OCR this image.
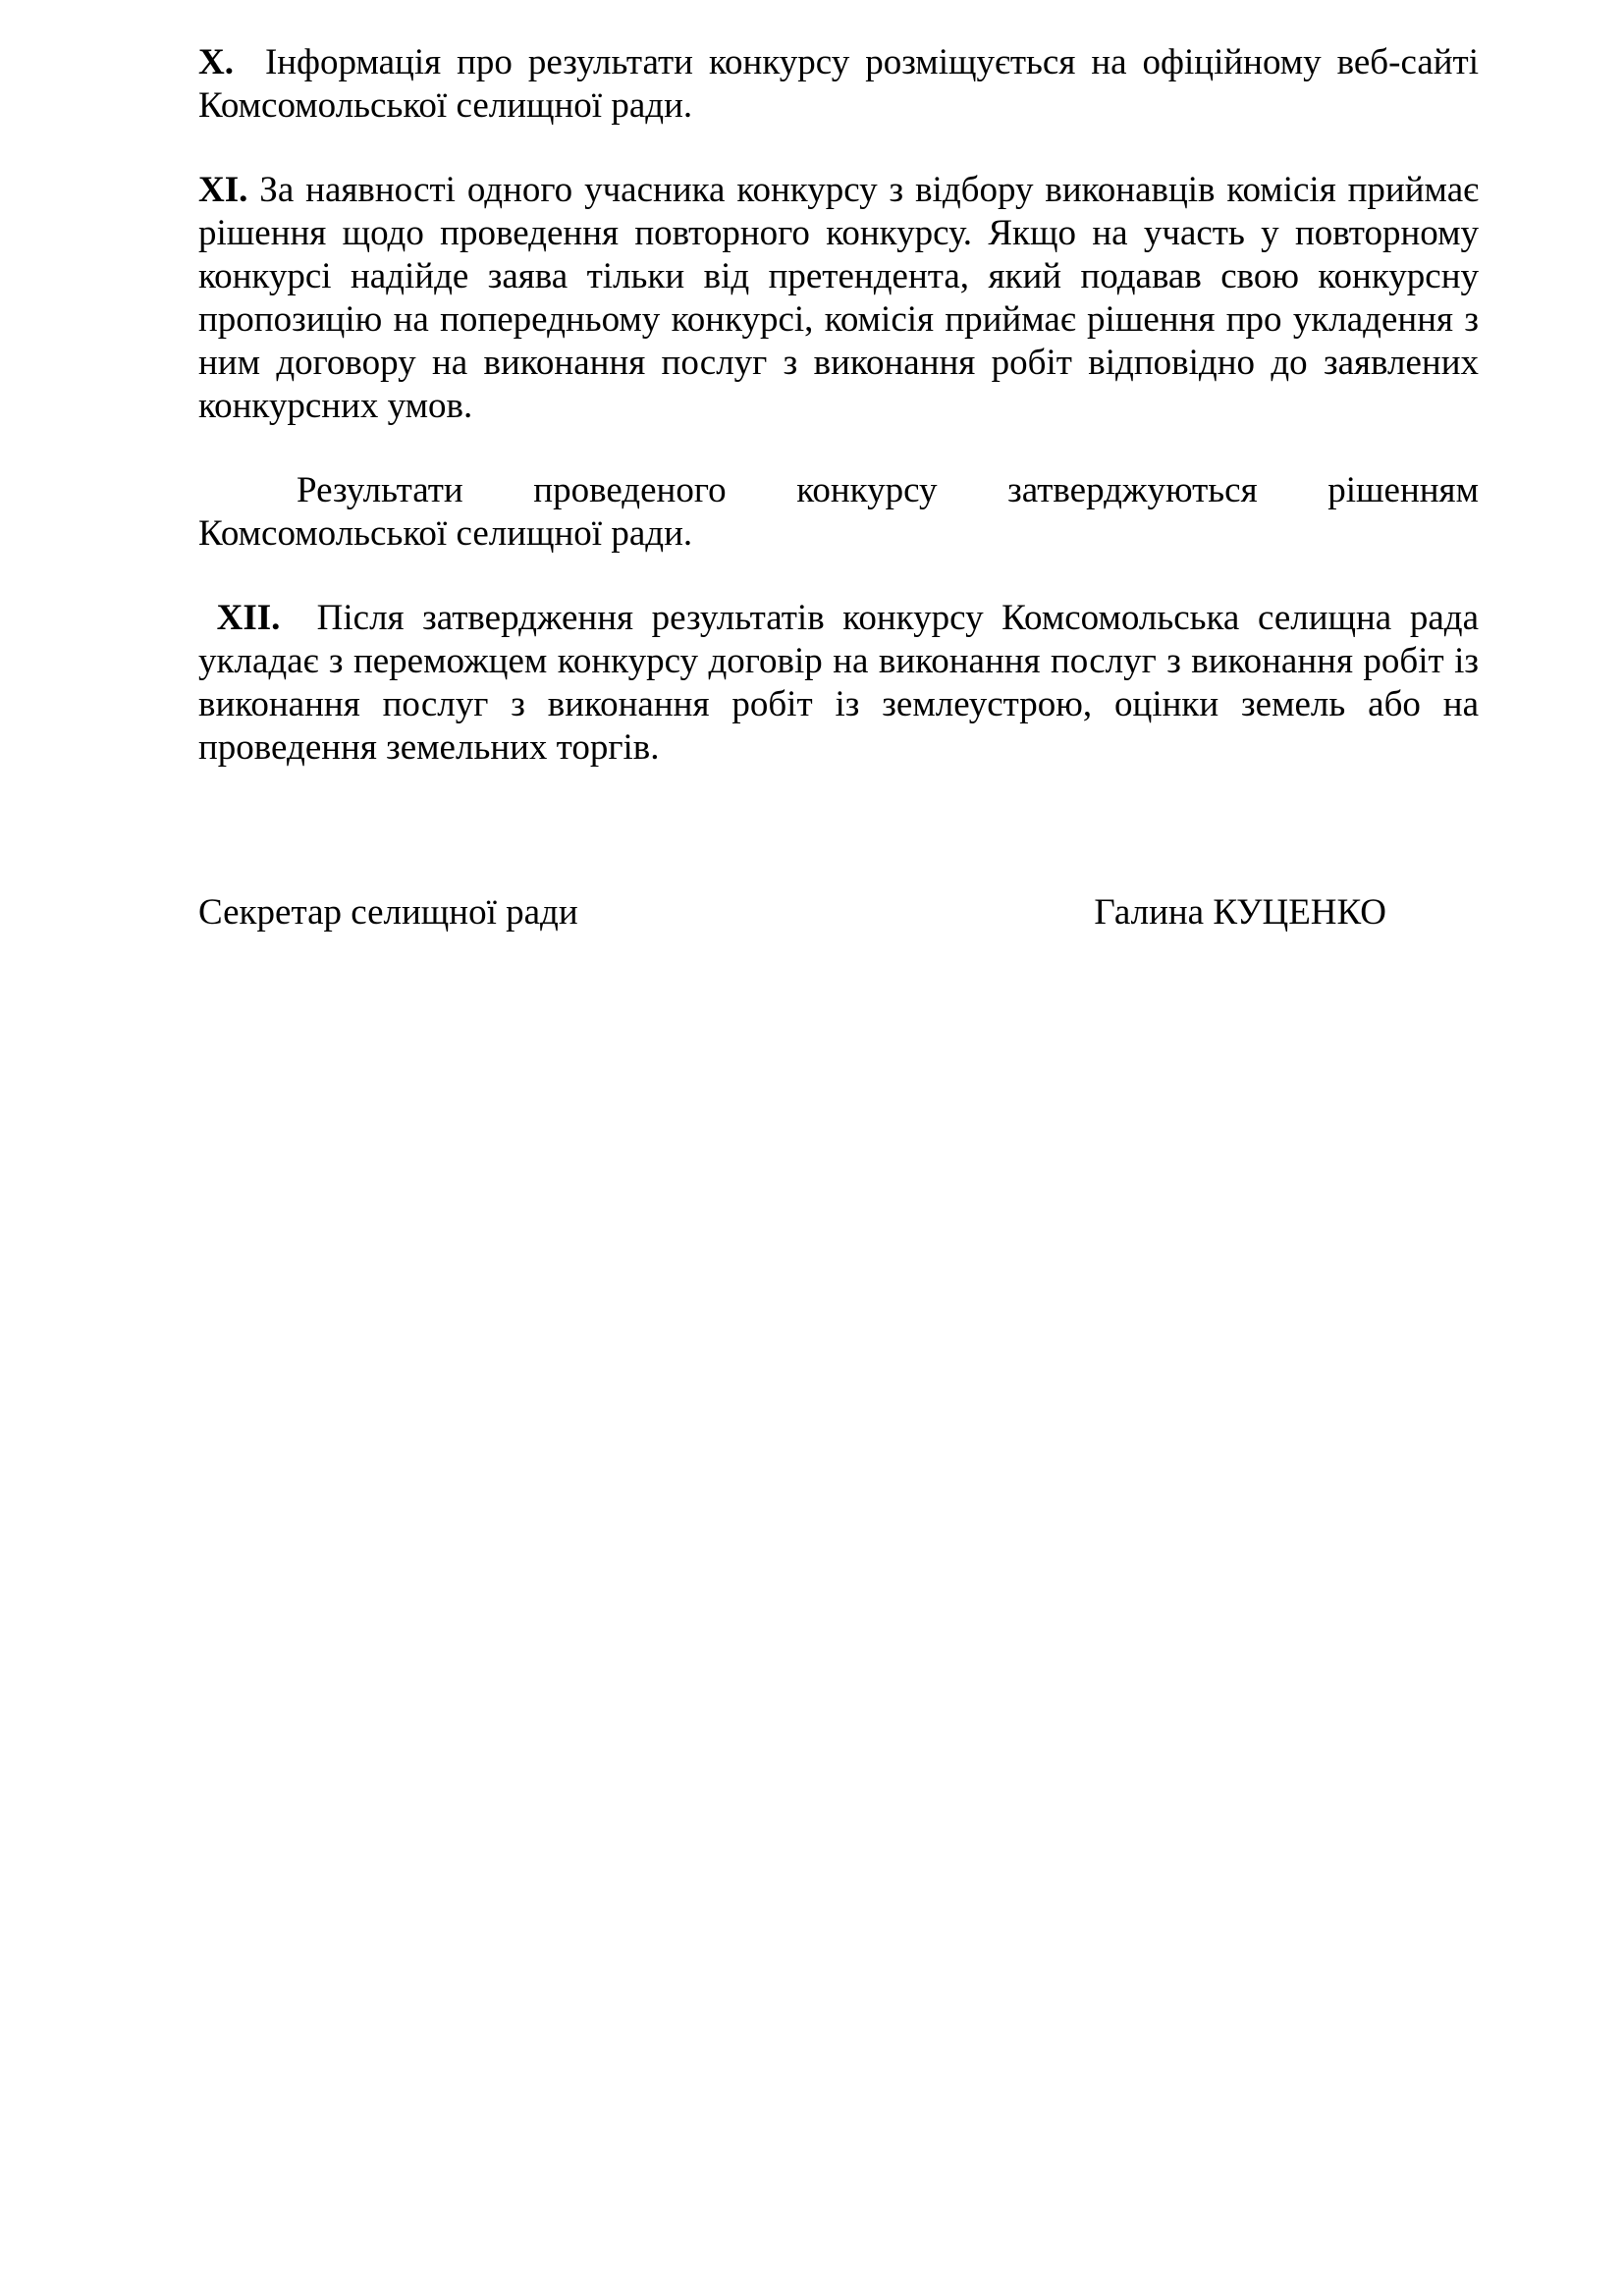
X. Інформація про результати конкурсу розміщується на офіційному веб-сайті Комсомольської селищної ради.

XI. За наявності одного учасника конкурсу з відбору виконавців комісія приймає рішення щодо проведення повторного конкурсу. Якщо на участь у повторному конкурсі надійде заява тільки від претендента, який подавав свою конкурсну пропозицію на попередньому конкурсі, комісія приймає рішення про укладення з ним договору на виконання послуг з виконання робіт відповідно до заявлених конкурсних умов.

Результати проведеного конкурсу затверджуються рішенням Комсомольської селищної ради.

XII. Після затвердження результатів конкурсу Комсомольська селищна рада укладає з переможцем конкурсу договір на виконання послуг з виконання робіт із виконання послуг з виконання робіт із землеустрою, оцінки земель або на проведення земельних торгів.

Секретар селищної ради	Галина КУЦЕНКО
